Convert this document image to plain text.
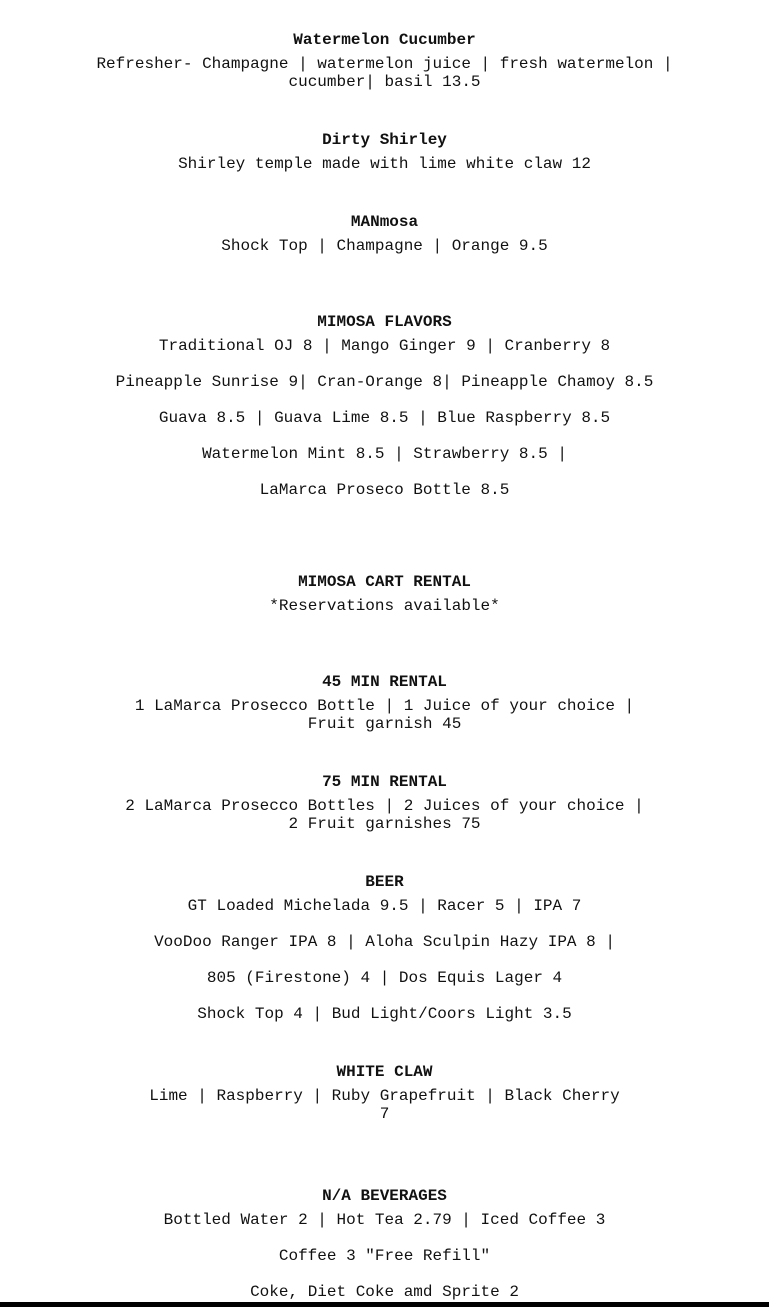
Watermelon Cucumber
Refresher- Champagne | watermelon juice | fresh watermelon |
cucumber| basil 13.5
Dirty Shirley
Shirley temple made with lime white claw 12
MANmosa
Shock Top | Champagne | Orange 9.5
MIMOSA FLAVORS
Traditional OJ 8 | Mango Ginger 9 | Cranberry 8
Pineapple Sunrise 9| Cran-Orange 8| Pineapple Chamoy 8.5
Guava 8.5 | Guava Lime 8.5 | Blue Raspberry 8.5
Watermelon Mint 8.5 | Strawberry 8.5 |
LaMarca Proseco Bottle 8.5
MIMOSA CART RENTAL
*Reservations available*
45 MIN RENTAL
1 LaMarca Prosecco Bottle | 1 Juice of your choice |
Fruit garnish 45
75 MIN RENTAL
2 LaMarca Prosecco Bottles | 2 Juices of your choice |
2 Fruit garnishes 75
BEER
GT Loaded Michelada 9.5 | Racer 5 | IPA 7
VooDoo Ranger IPA 8 | Aloha Sculpin Hazy IPA 8 |
805 (Firestone) 4 | Dos Equis Lager 4
Shock Top 4 | Bud Light/Coors Light 3.5
WHITE CLAW
Lime | Raspberry | Ruby Grapefruit | Black Cherry
7
N/A BEVERAGES
Bottled Water 2 | Hot Tea 2.79 | Iced Coffee 3
Coffee 3 "Free Refill"
Coke, Diet Coke amd Sprite 2
